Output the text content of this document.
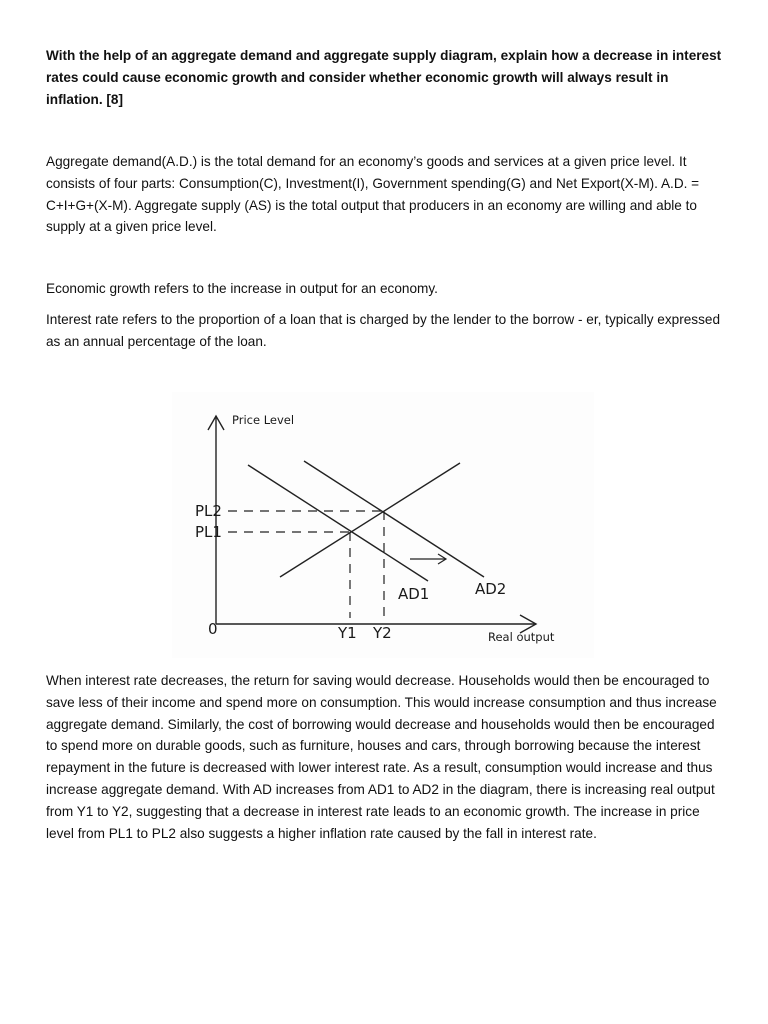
With the help of an aggregate demand and aggregate supply diagram, explain how a decrease in interest rates could cause economic growth and consider whether economic growth will always result in inflation. [8]

Aggregate demand(A.D.) is the total demand for an economy’s goods and services at a given price level. It consists of four parts: Consumption(C), Investment(I), Government spending(G) and Net Export(X-M). A.D. = C+I+G+(X-M). Aggregate supply (AS) is the total output that producers in an economy are willing and able to supply at a given price level.

Economic growth refers to the increase in output for an economy.

Interest rate refers to the proportion of a loan that is charged by the lender to the borrow - er, typically expressed as an annual percentage of the loan.

Price Level
Real output
0
PL2
PL1
Y1 Y2
AD1	AD2

When interest rate decreases, the return for saving would decrease. Households would then be encouraged to save less of their income and spend more on consumption. This would increase consumption and thus increase aggregate demand. Similarly, the cost of borrowing would decrease and households would then be encouraged to spend more on durable goods, such as furniture, houses and cars, through borrowing because the interest repayment in the future is decreased with lower interest rate. As a result, consumption would increase and thus increase aggregate demand. With AD increases from AD1 to AD2 in the diagram, there is increasing real output from Y1 to Y2, suggesting that a decrease in interest rate leads to an economic growth. The increase in price level from PL1 to PL2 also suggests a higher inflation rate caused by the fall in interest rate.
